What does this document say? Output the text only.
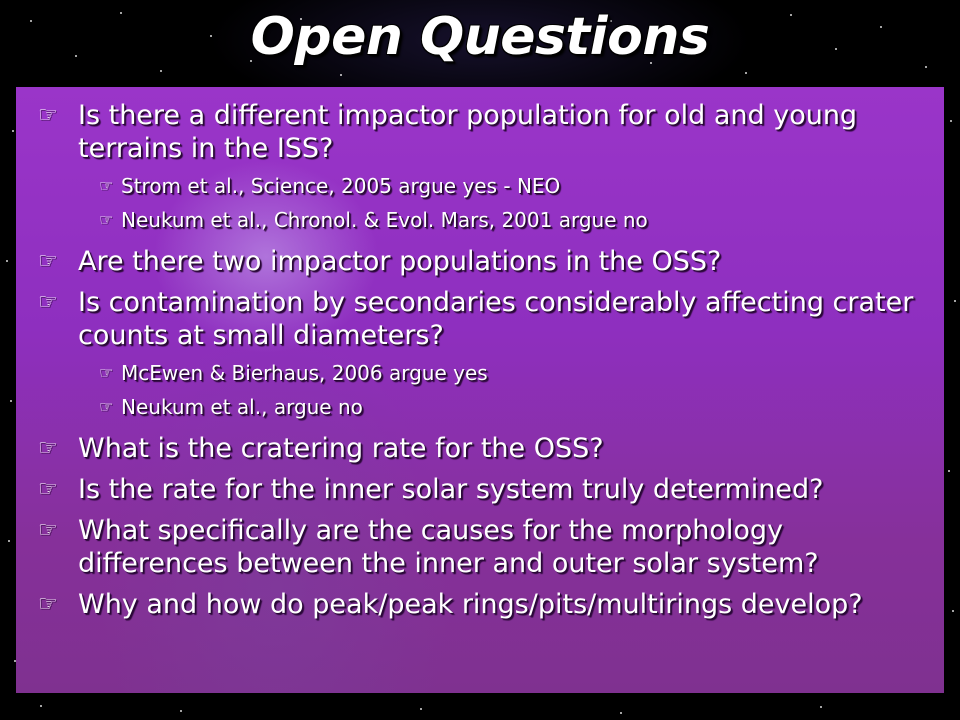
Open Questions
☞ Is there a different impactor population for old and young terrains in the ISS?
☞ Strom et al., Science, 2005 argue yes - NEO
☞ Neukum et al., Chronol. & Evol. Mars, 2001 argue no
☞ Are there two impactor populations in the OSS?
☞ Is contamination by secondaries considerably affecting crater counts at small diameters?
☞ McEwen & Bierhaus, 2006 argue yes
☞ Neukum et al., argue no
☞ What is the cratering rate for the OSS?
☞ Is the rate for the inner solar system truly determined?
☞ What specifically are the causes for the morphology differences between the inner and outer solar system?
☞ Why and how do peak/peak rings/pits/multirings develop?
